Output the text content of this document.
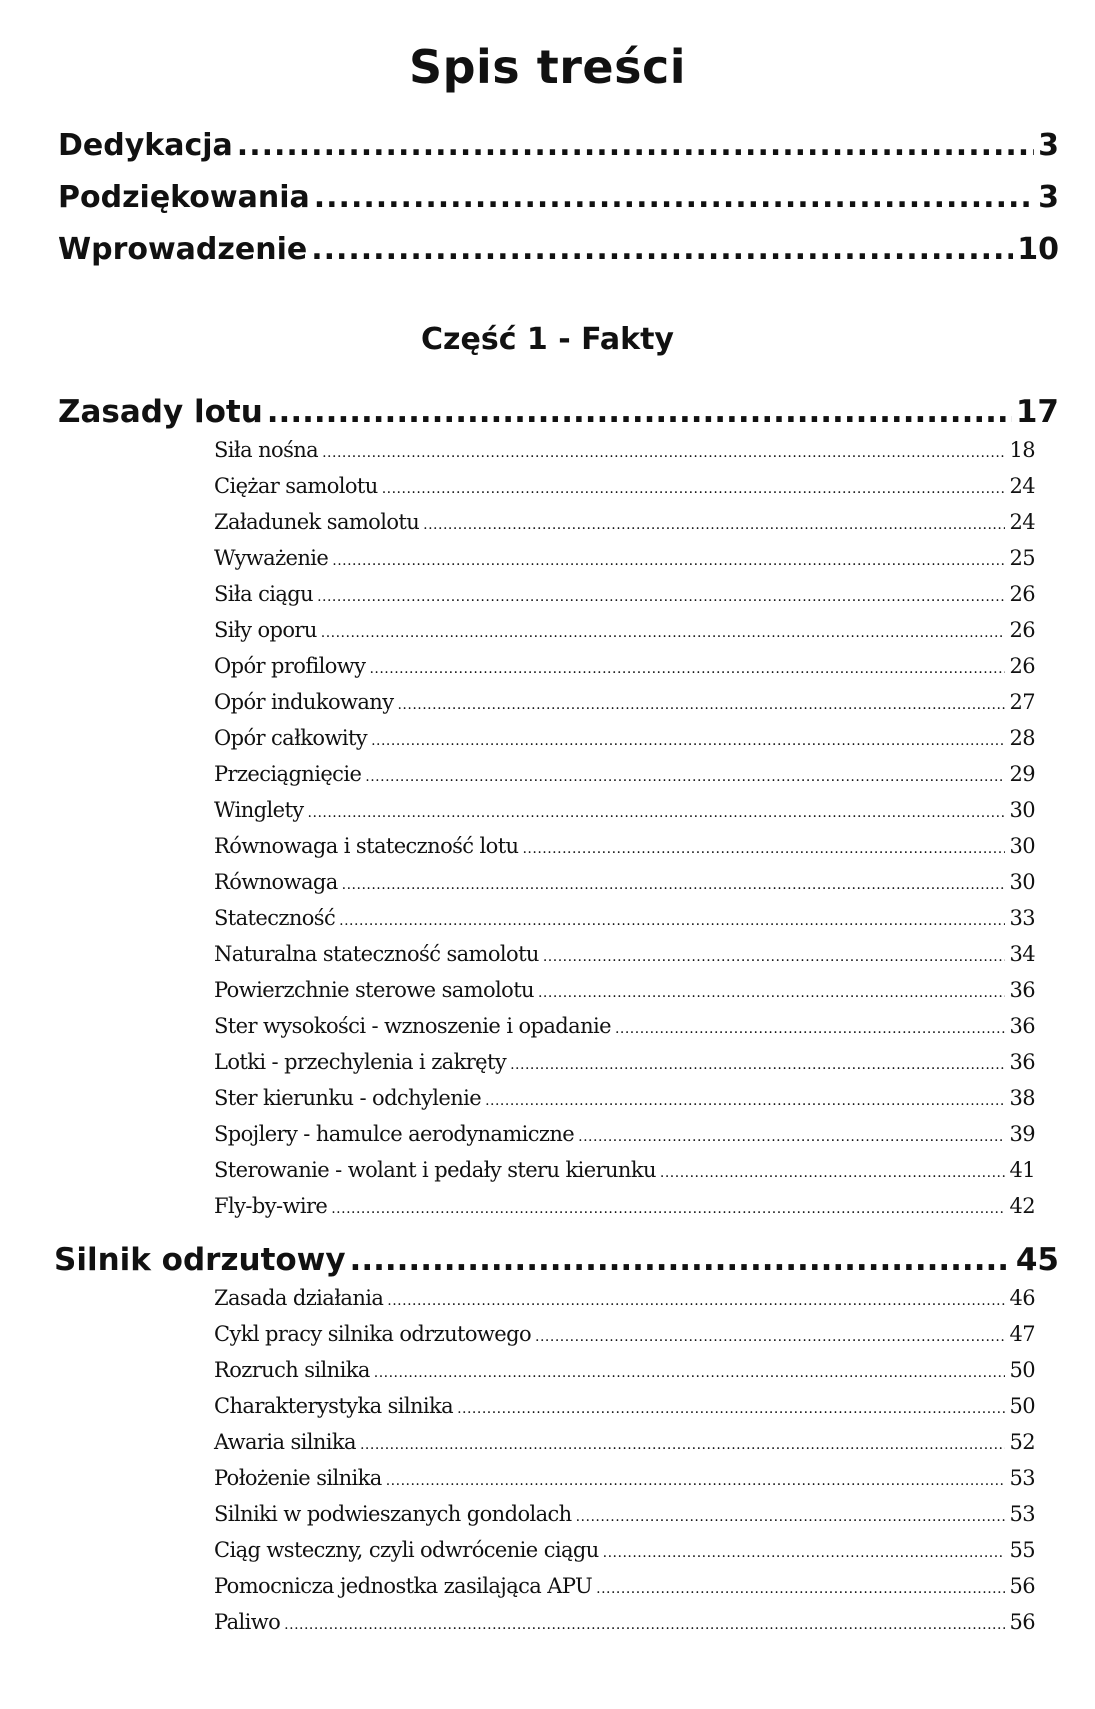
Spis treści
Dedykacja .....	3
Podziękowania .....	3
Wprowadzenie .....	10
Część 1 - Fakty
Zasady lotu .....	17
Siła nośna .....	18
Ciężar samolotu .....	24
Załadunek samolotu .....	24
Wyważenie .....	25
Siła ciągu .....	26
Siły oporu .....	26
Opór profilowy .....	26
Opór indukowany .....	27
Opór całkowity .....	28
Przeciągnięcie .....	29
Winglety .....	30
Równowaga i stateczność lotu .....	30
Równowaga .....	30
Stateczność .....	33
Naturalna stateczność samolotu .....	34
Powierzchnie sterowe samolotu .....	36
Ster wysokości - wznoszenie i opadanie .....	36
Lotki - przechylenia i zakręty .....	36
Ster kierunku - odchylenie .....	38
Spojlery - hamulce aerodynamiczne .....	39
Sterowanie - wolant i pedały steru kierunku .....	41
Fly-by-wire .....	42
Silnik odrzutowy .....	45
Zasada działania .....	46
Cykl pracy silnika odrzutowego .....	47
Rozruch silnika .....	50
Charakterystyka silnika .....	50
Awaria silnika .....	52
Położenie silnika .....	53
Silniki w podwieszanych gondolach .....	53
Ciąg wsteczny, czyli odwrócenie ciągu .....	55
Pomocnicza jednostka zasilająca APU .....	56
Paliwo .....	56
